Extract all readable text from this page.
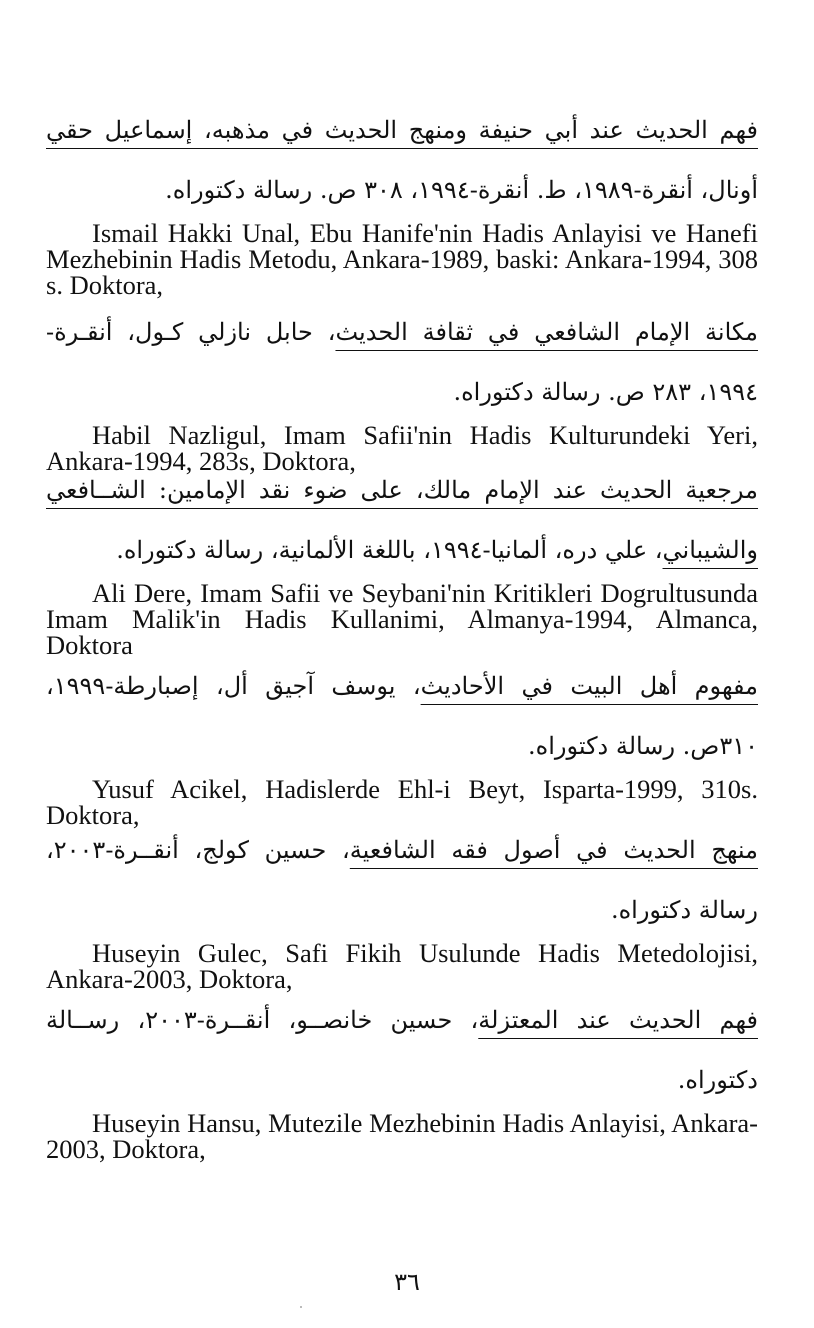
فهم الحديث عند أبي حنيفة ومنهج الحديث في مذهبه، إسماعيل حقي
أونال، أنقرة-١٩٨٩، ط. أنقرة-١٩٩٤، ٣٠٨ ص. رسالة دكتوراه.
Ismail Hakki Unal, Ebu Hanife'nin Hadis Anlayisi ve Hanefi Mezhebinin Hadis Metodu, Ankara-1989, baski: Ankara-1994, 308 s. Doktora,
مكانة الإمام الشافعي في ثقافة الحديث، حابل نازلي كـول، أنقـرة-
١٩٩٤، ٢٨٣ ص. رسالة دكتوراه.
Habil Nazligul, Imam Safii'nin Hadis Kulturundeki Yeri, Ankara-1994, 283s, Doktora,
مرجعية الحديث عند الإمام مالك، على ضوء نقد الإمامين: الشــافعي
والشيباني، علي دره، ألمانيا-١٩٩٤، باللغة الألمانية، رسالة دكتوراه.
Ali Dere, Imam Safii ve Seybani'nin Kritikleri Dogrultusunda Imam Malik'in Hadis Kullanimi, Almanya-1994, Almanca, Doktora
مفهوم أهل البيت في الأحاديث، يوسف آجيق أل، إصبارطة-١٩٩٩،
٣١٠ص. رسالة دكتوراه.
Yusuf Acikel, Hadislerde Ehl-i Beyt, Isparta-1999, 310s. Doktora,
منهج الحديث في أصول فقه الشافعية، حسين كولج، أنقــرة-٢٠٠٣،
رسالة دكتوراه.
Huseyin Gulec, Safi Fikih Usulunde Hadis Metedolojisi, Ankara-2003, Doktora,
فهم الحديث عند المعتزلة، حسين خانصــو، أنقــرة-٢٠٠٣، رســالة
دكتوراه.
Huseyin Hansu, Mutezile Mezhebinin Hadis Anlayisi, Ankara-2003, Doktora,
٣٦
